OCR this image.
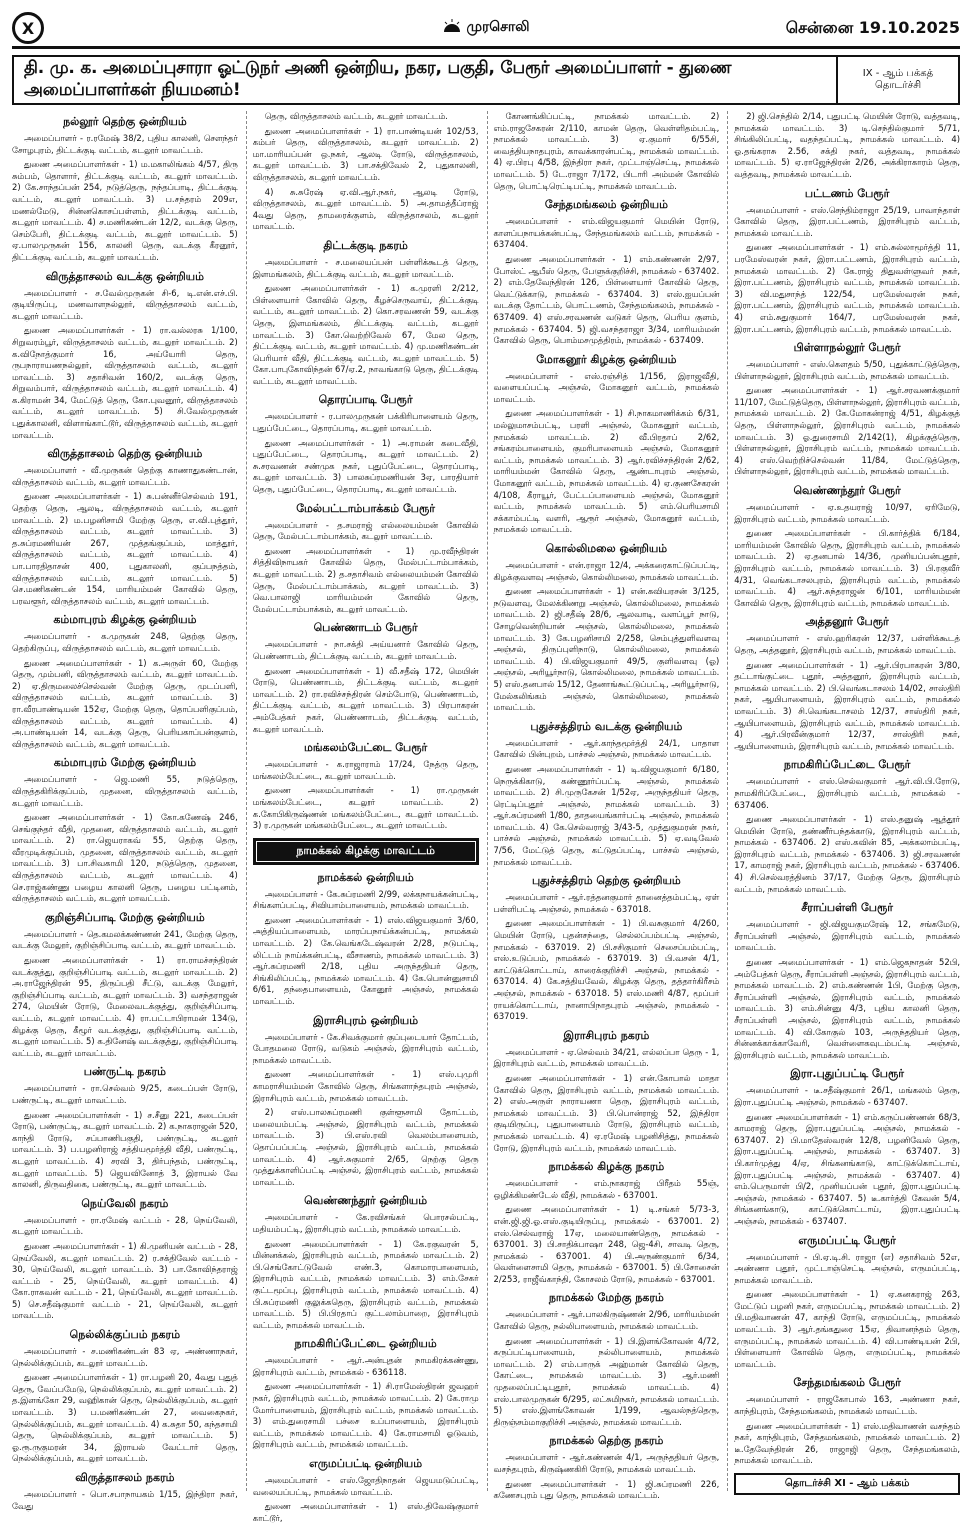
X	முரசொலி	சென்னை 19.10.2025
தி. மு. க. அமைப்புசாரா ஓட்டுநர் அணி ஒன்றிய, நகர, பகுதி, பேரூர் அமைப்பாளர் - துணை அமைப்பாளர்கள் நியமனம்!
IX - ஆம் பக்கத்
தொடர்ச்சி
நல்லூர் தெற்கு ஒன்றியம்

அமைப்பாளர் - ர.ரமேஷ் 38/2, புதிய காலனி, சௌந்தர் சோழபுரம், திட்டக்குடி வட்டம், கடலூர் மாவட்டம்.

துணை அமைப்பாளர்கள் - 1) ம.மகாலிங்கம் 4/57, திரு சும்பம், தொளார், திட்டக்குடி வட்டம், கடலூர் மாவட்டம். 2) கே.சாந்தப்பன் 254, நடுத்தெரு, நந்தப்பாடி, திட்டக்குடி வட்டம், கடலூர் மாவட்டம். 3) ப.சந்தரம் 209எ, மணல்மேடு, சின்னகொசப்பள்ளம், திட்டக்குடி வட்டம், கடலூர் மாவட்டம். 4) ச.மணிகண்டன் 12/2, வடக்கு தெரு, செம்பேரி, திட்டக்குடி வட்டம், கடலூர் மாவட்டம். 5) ஏ.பாலமுருகன் 156, காலனி தெரு, வடக்கு கீரனூர், திட்டக்குடி வட்டம், கடலூர் மாவட்டம்.

விருத்தாசலம் வடக்கு ஒன்றியம்

அமைப்பாளர் - ச.வேல்முருகன் சி-6, டி.என்.எச்.பி. குடியிருப்பு, மணவாளநல்லூர், விருத்தாசலம் வட்டம், கடலூர் மாவட்டம்.

துணை அமைப்பாளர்கள் - 1) ரா.வல்லரசு 1/100, சிறுவரம்பூர், விருத்தாசலம் வட்டம், கடலூர் மாவட்டம். 2) க.விநோத்குமார் 16, அய்யோரி தெரு, ருபநாராயணநல்லூர், விருத்தாசலம் வட்டம், கடலூர் மாவட்டம். 3) சதாசிவன் 160/2, வடக்கு தெரு, சிறுவம்பார், விருத்தாசலம் வட்டம், கடலூர் மாவட்டம். 4) க.கிராமன் 34, மேட்டுத் தெரு, கோ.புவனூர், விருத்தாசலம் வட்டம், கடலூர் மாவட்டம். 5) சி.வேல்முருகன் புதுக்காலனி, விளாங்காட்டூர், விருத்தாசலம் வட்டம், கடலூர் மாவட்டம்.

விருத்தாசலம் தெற்கு ஒன்றியம்

அமைப்பாளர் - வீ.முருகன் தெற்கு காணாதுகண்டான், விருத்தாசலம் வட்டம், கடலூர் மாவட்டம்.

துணை அமைப்பாளர்கள் - 1) சு.பன்னீர்செல்வம் 191, தெற்கு தெரு, ஆலடி, விருத்தாசலம் வட்டம், கடலூர் மாவட்டம். 2) ம.பழனிசாமி மேற்கு தெரு, எ.வி.புத்தூர், விருத்தாசலம் வட்டம், கடலூர் மாவட்டம். 3) த.சுப்ரமணியன் 267, முத்தங்குப்பம், மாத்தூர், விருத்தாசலம் வட்டம், கடலூர் மாவட்டம். 4) பா.பாரதிதாசன் 400, புதுகாலனி, குப்பநத்தம், விருத்தாசலம் வட்டம், கடலூர் மாவட்டம். 5) செ.மணிகண்டன் 154, மாரியம்மன் கோவில் தெரு, பரவளூர், விருத்தாசலம் வட்டம், கடலூர் மாவட்டம்.

கம்மாபுரம் கிழக்கு ஒன்றியம்

அமைப்பாளர் - க.முருகன் 248, தெற்கு தெரு, தெற்கிருப்பு, விருத்தாசலம் வட்டம், கடலூர் மாவட்டம்.

துணை அமைப்பாளர்கள் - 1) க.அருள் 60, மேற்கு தெரு, மும்பனி, விருத்தாசலம் வட்டம், கடலூர் மாவட்டம். 2) ஏ.திருமலைச்செல்வன் மேற்கு தெரு, முடப்பளி, விருத்தாசலம் வட்டம், கடலூர் மாவட்டம். 3) ரா.வீரபாண்டியன் 152ஏ, மேற்கு தெரு, தொப்பளிகுப்பம், விருத்தாசலம் வட்டம், கடலூர் மாவட்டம். 4) அ.பாண்டியன் 14, வடக்கு தெரு, பெரியகாப்பன்குளம், விருத்தாசலம் வட்டம், கடலூர் மாவட்டம்.

கம்மாபுரம் மேற்கு ஒன்றியம்

அமைப்பாளர் - ஜெ.மணி 55, நடுத்தெரு, விருத்தகிரிக்குப்பம், முதனை, விருத்தாசலம் வட்டம், கடலூர் மாவட்டம்.

துணை அமைப்பாளர்கள் - 1) கோ.கணேஷ் 246, செங்குந்தர் வீதி, முதனை, விருத்தாசலம் வட்டம், கடலூர் மாவட்டம். 2) ரா.ஜெயராகவ் 55, தெற்கு தெரு, வீரமுடிக்குப்பம், முதனை, விருத்தாசலம் வட்டம், கடலூர் மாவட்டம். 3) பா.சிவகாமி 120, நடுத்தெரு, முதனை, விருத்தாசலம் வட்டம், கடலூர் மாவட்டம். 4) செ.ராஜ்கண்ணு பழைய காலனி தெரு, பழைய பட்டினம், விருத்தாசலம் வட்டம், கடலூர் மாவட்டம்.

குறிஞ்சிப்பாடி மேற்கு ஒன்றியம்

அமைப்பாளர் - தெ.கமலக்கண்ணன் 241, மேற்கு தெரு, வடக்கு மேலூர், குறிஞ்சிப்பாடி வட்டம், கடலூர் மாவட்டம்.

துணை அமைப்பாளர்கள் - 1) ரா.ராமச்சந்திரன் வடக்குத்து, குறிஞ்சிப்பாடி வட்டம், கடலூர் மாவட்டம். 2) அ.ராஜேந்திரன் 95, திருப்பதி சீட்டு, வடக்கு மேலூர், குறிஞ்சிப்பாடி வட்டம், கடலூர் மாவட்டம். 3) வசந்தராஜன் 274, மெயின் ரோடு, மேலைவடக்குத்து, குறிஞ்சிப்பாடி வட்டம், கடலூர் மாவட்டம். 4) ரா.பட்டாபிராமன் 134டு, கிழக்கு தெரு, கீழூர் வடக்குத்து, குறிஞ்சிப்பாடி வட்டம், கடலூர் மாவட்டம். 5) க.தினேஷ் வடக்குத்து, குறிஞ்சிப்பாடி வட்டம், கடலூர் மாவட்டம்.

பண்ருட்டி நகரம்

அமைப்பாளர் - ரா.செல்வம் 9/25, கடைப்பள் ரோடு, பண்ருட்டி, கடலூர் மாவட்டம்.

துணை அமைப்பாளர்கள் - 1) ச.சீனு 221, கடைப்பள் ரோடு, பண்ருட்டி, கடலூர் மாவட்டம். 2) க.நாகராஜன் 520, காந்தி ரோடு, சப்பாணிபகுதி, பண்ருட்டி, கடலூர் மாவட்டம். 3) ப.பழனிராஜ் சத்தியமூர்த்தி வீதி, பண்ருட்டி, கடலூர் மாவட்டம். 4) சரவி 3, திர்பந்தம், பண்ருட்டி, கடலூர் மாவட்டம். 5) ஜெயவினோத் 3, இராயல் வே காலனி, திருவதிகை, பண்ருட்டி, கடலூர் மாவட்டம்.

நெய்வேலி நகரம்

அமைப்பாளர் - ரா.ரமேஷ் வட்டம் - 28, நெய்வேலி, கடலூர் மாவட்டம்.

துணை அமைப்பாளர்கள் - 1) கி.முனியன் வட்டம் - 28, நெய்வேலி, கடலூர் மாவட்டம். 2) ர.சக்திவேல் வட்டம் - 30, நெய்வேலி, கடலூர் மாவட்டம். 3) பா.கோவிந்தராஜ் வட்டம் - 25, நெய்வேலி, கடலூர் மாவட்டம். 4) கோ.ராகவன் வட்டம் - 21, நெய்வேலி, கடலூர் மாவட்டம். 5) செ.சதீஷ்குமார் வட்டம் - 21, நெய்வேலி, கடலூர் மாவட்டம்.

நெல்லிக்குப்பம் நகரம்

அமைப்பாளர் - ச.மணிகண்டன் 83 ஏ, அண்ணாநகர், நெல்லிக்குப்பம், கடலூர் மாவட்டம்.

துணை அமைப்பாளர்கள் - 1) ரா.பழனி 20, 4வது புதுத் தெரு, வேப்பமேடு, நெல்லிக்குப்பம், கடலூர் மாவட்டம். 2) த.இளங்கோ 29, வஹிகான் தெரு, நெல்லிக்குப்பம், கடலூர் மாவட்டம். 3) ப.மணிகண்டன் 27, வைகைநகர், நெல்லிக்குப்பம், கடலூர் மாவட்டம். 4) க.சுதா 50, கந்தசாமி தெரு, நெல்லிக்குப்பம், கடலூர் மாவட்டம். 5) ஓ.ரூ.ருகுமரன் 34, இராயல் வேட்டார் தெரு, நெல்லிக்குப்பம், கடலூர் மாவட்டம்.

விருத்தாசலம் நகரம்

அமைப்பாளர் - பொ.சபாநாயகம் 1/15, இந்திரா நகர், வேது

தெரு, விருத்தாசலம் வட்டம், கடலூர் மாவட்டம்.

துணை அமைப்பாளர்கள் - 1) ரா.பாண்டியன் 102/53, கம்பர் தெரு, விருத்தாசலம், கடலூர் மாவட்டம். 2) மா.மாரியப்பன் ஒ.நகர், ஆலடி ரோடு, விருத்தாசலம், கடலூர் மாவட்டம். 3) பா.சக்திவேல் 2, புதுகாலனி, விருத்தாசலம், கடலூர் மாவட்டம்.

4) சு.சுரேஷ் ஏ.வி.ஆர்.நகர், ஆலடி ரோடு, விருத்தாசலம், கடலூர் மாவட்டம். 5) அ.தாமத்தீப்ராஜ் 4வது தெரு, தாமரைக்குளம், விருத்தாசலம், கடலூர் மாவட்டம்.

திட்டக்குடி நகரம்

அமைப்பாளர் - ச.மலையப்பன் பள்ளிக்கூடத் தெரு, இளமங்கலம், திட்டக்குடி வட்டம், கடலூர் மாவட்டம்.

துணை அமைப்பாளர்கள் - 1) க.முரளி 2/212, பிள்ளையார் கோவில் தெரு, கீழச்செருவாய், திட்டக்குடி வட்டம், கடலூர் மாவட்டம். 2) கொ.சரவணன் 59, வடக்கு தெரு, இளமங்கலம், திட்டக்குடி வட்டம், கடலூர் மாவட்டம். 3) கோ.வெற்றிவேல் 67, மேல தெரு, திட்டக்குடி வட்டம், கடலூர் மாவட்டம். 4) மு.மணிகண்டன் பெரியார் வீதி, திட்டக்குடி வட்டம், கடலூர் மாவட்டம். 5) கோ.பாபுகோவிந்தன் 67/ஏ.2, நாவங்காடு தெரு, திட்டக்குடி வட்டம், கடலூர் மாவட்டம்.

தொரப்பாடி பேரூர்

அமைப்பாளர் - ர.பாலமுருகன் பக்கிரிபாளையம் தெரு, புதுப்பேட்டை, தொரப்பாடி, கடலூர் மாவட்டம்.

துணை அமைப்பாளர்கள் - 1) அ.ராமன் கடைவீதி, புதுப்பேட்டை, தொரப்பாடி, கடலூர் மாவட்டம். 2) சு.சரவணன் சண்முக நகர், புதுப்பேட்டை, தொரப்பாடி, கடலூர் மாவட்டம். 3) பாலசுப்ரமணியன் 3ஏ, பாரதியார் தெரு, புதுப்பேட்டை, தொரப்பாடி, கடலூர் மாவட்டம்.

மேல்பட்டாம்பாக்கம் பேரூர்

அமைப்பாளர் - த.சமராஜ் எல்லையம்மன் கோவில் தெரு, மேல்பட்டாம்பாக்கம், கடலூர் மாவட்டம்.

துணை அமைப்பாளர்கள் - 1) மு.ரவீந்திரன் சித்திவிநாயகர் கோவில் தெரு, மேல்பட்டாம்பாக்கம், கடலூர் மாவட்டம். 2) த.சதாசிவம் எல்லையம்மன் கோவில் தெரு, மேல்பட்டாம்பாக்கம், கடலூர் மாவட்டம். 3) வெ.பாலாஜி மாரியம்மன் கோவில் தெரு, மேல்பட்டாம்பாக்கம், கடலூர் மாவட்டம்.

பெண்ணாடம் பேரூர்

அமைப்பாளர் - நா.சக்தி அய்யனார் கோவில் தெரு, பெண்ணாடம், திட்டக்குடி வட்டம், கடலூர் மாவட்டம்.

துணை அமைப்பாளர்கள் - 1) வீ.சதீஷ் 172, மெயின் ரோடு, பெண்ணாடம், திட்டக்குடி வட்டம், கடலூர் மாவட்டம். 2) ரா.ரவிச்சந்திரன் செம்போடு, பெண்ணாடம், திட்டக்குடி வட்டம், கடலூர் மாவட்டம். 3) பிரபாகரன் அம்பேத்கர் நகர், பெண்ணாடம், திட்டக்குடி வட்டம், கடலூர் மாவட்டம்.

மங்கலம்பேட்டை பேரூர்

அமைப்பாளர் - க.ராஜாராம் 17/24, நேத்ரு தெரு, மங்கலம்பேட்டை, கடலூர் மாவட்டம்.

துணை அமைப்பாளர்கள் - 1) ரா.முருகன் மங்கலம்பேட்டை, கடலூர் மாவட்டம். 2) க.கோபிகிருஷ்ணன் மங்கலம்பேட்டை, கடலூர் மாவட்டம். 3) ர.முருகன் மங்கலம்பேட்டை, கடலூர் மாவட்டம்.

நாமக்கல் கிழக்கு மாவட்டம்
நாமக்கல் ஒன்றியம்

அமைப்பாளர் - கே.சுப்ரமணி 2/99, லக்கநாயக்கன்பட்டி, சிங்களப்பட்டி, சிவியாம்பாளையம், நாமக்கல் மாவட்டம்.

துணை அமைப்பாளர்கள் - 1) எஸ்.விஜயகுமார் 3/60, அத்தியப்பாளையம், மாரப்பநாய்க்கன்பட்டி, நாமக்கல் மாவட்டம். 2) கே.வெங்கடேஷ்வரன் 2/28, நடுபட்டி, லிட்டம் நாய்க்கன்பட்டி, வீசாணம், நாமக்கல் மாவட்டம். 3) ஆர்.சுப்ரமணி 2/18, புதிய அருந்ததியர் தெரு, சிங்கிலிப்பட்டி, நாமக்கல் மாவட்டம். 4) கே.பொன்னுசாமி 6/61, தந்தைபாளையம், கோனூர் அஞ்சல், நாமக்கல் மாவட்டம்.

இராசிபுரம் ஒன்றியம்

அமைப்பாளர் - கே.சிவக்குமார் குப்புடையார் தோட்டம், போதமலை ரோடு, வடுகம் அஞ்சல், இராசிபுரம் வட்டம், நாமக்கல் மாவட்டம்.

துணை அமைப்பாளர்கள் - 1) எஸ்.புமுரி காமராசியம்மன் கோவில் தெரு, சிங்களாந்தபுரம் அஞ்சல், இராசிபுரம் வட்டம், நாமக்கல் மாவட்டம்.

2) எஸ்.பாலசுப்ரமணி குள்ளூசாமி தோட்டம், மலையம்பட்டி அஞ்சல், இராசிபுரம் வட்டம், நாமக்கல் மாவட்டம். 3) பி.எஸ்.ரவி வெலம்பாளையம், தொப்பப்பட்டி அஞ்சல், இராசிபுரம் வட்டம், நாமக்கல் மாவட்டம். 4) ஆர்.சுகுமார் 2/65, நெற்கு தெரு முத்துக்காளிப்பட்டி அஞ்சல், இராசிபுரம் வட்டம், நாமக்கல் மாவட்டம்.

வெண்ணந்தூர் ஒன்றியம்

அமைப்பாளர் - கே.ரவிசங்கர் பொரசல்பட்டி, மதியம்பட்டி, இராசிபுரம் வட்டம், நாமக்கல் மாவட்டம்.

துணை அமைப்பாளர்கள் - 1) கே.ரகுவரன் 5, மின்னக்கல், இராசிபுரம் வட்டம், நாமக்கல் மாவட்டம். 2) பி.செங்கோட்டுவேல் எண்.3, கொமாரபாளையம், இராசிபுரம் வட்டம், நாமக்கல் மாவட்டம். 3) எம்.சேகர் குட்டமூப்பு, இராசிபுரம் வட்டம், நாமக்கல் மாவட்டம். 4) பி.சுப்ரமணி குலுக்கதெரு, இராசிபுரம் வட்டம், நாமக்கல் மாவட்டம். 5) பி.பிரதாப் குட்டலாம்பாறை, இராசிபுரம் வட்டம், நாமக்கல் மாவட்டம்.

நாமகிரிப்பேட்டை ஒன்றியம்

அமைப்பாளர் - ஆர்.அன்புதன் நாமகிரக்கண்ணு, இராசிபுரம் வட்டம், நாமக்கல் - 636118.

துணை அமைப்பாளர்கள் - 1) சி.ராமேஸ்திரன் ஜவஹர் நகர், இராசிபுரம் வட்டம், நாமக்கல் மாவட்டம். 2) கே.ராமு மோர்பாளையம், இராசிபுரம் வட்டம், நாமக்கல் மாவட்டம். 3) எம்.துரைசாமி பச்சை உப்பாளையம், இராசிபுரம் வட்டம், நாமக்கல் மாவட்டம். 4) கே.ராமசாமி ஓடுவம், இராசிபுரம் வட்டம், நாமக்கல் மாவட்டம்.

எருமப்பட்டி ஒன்றியம்

அமைப்பாளர் - எஸ்.ஜோதிநாதன் ஜெயமடுப்பட்டி, வலையப்பட்டி, நாமக்கல் மாவட்டம்.

துணை அமைப்பாளர்கள் - 1) எஸ்.திவேஷ்குமார் காட்டூர்,

கோணங்கிப்பட்டி, நாமக்கல் மாவட்டம். 2) எம்.ராஜசேகரன் 2/110, காமன் தெரு, வெள்ளிதம்பட்டி, நாமக்கல் மாவட்டம். 3) ஏ.குமார் 6/55சி, வைத்தியநாதபுரம், காவக்காரன்பட்டி, நாமக்கல் மாவட்டம். 4) ஏ.பிரபு 4/58, இந்திரா நகர், முட்டாஞ்செட்டி, நாமக்கல் மாவட்டம். 5) டே.ராஜா 7/172, பிடாரி அம்மன் கோவில் தெரு, பொட்டிரெட்டிபட்டி, நாமக்கல் மாவட்டம்.

சேந்தமங்கலம் ஒன்றியம்

அமைப்பாளர் - எம்.விஜயகுமார் மெயின் ரோடு, காளப்பநாயக்கன்பட்டி, சேந்தமங்கலம் வட்டம், நாமக்கல் - 637404.

துணை அமைப்பாளர்கள் - 1) எம்.கண்ணன் 2/97, போஸ்ட் ஆபீஸ் தெரு, பேளுக்குறிச்சி, நாமக்கல் - 637402. 2) எம்.தேவேந்திரன் 126, பிள்ளையார் கோவில் தெரு, வெட்டுக்காடு, நாமக்கல் - 637404. 3) எஸ்.ஐயப்பன் வடக்கு தோட்டம், பொட்டணம், சேந்தமங்கலம், நாமக்கல் - 637409. 4) எஸ்.சரவணன் வடுகர் தெரு, பெரிய குளம், நாமக்கல் - 637404. 5) ஜி.வசந்தராஜா 3/34, மாரியம்மன் கோவில் தெரு, பொம்மசமுத்திரம், நாமக்கல் - 637409.

மோகனூர் கிழக்கு ஒன்றியம்

அமைப்பாளர் - எஸ்.ரஞ்சித் 1/156, இராஜவீதி, வளையப்பட்டி அஞ்சல், மோகனூர் வட்டம், நாமக்கல் மாவட்டம்.

துணை அமைப்பாளர்கள் - 1) சி.நாகமாணிக்கம் 6/31, மல்லுமாசம்பட்டி, பரளி அஞ்சல், மோகனூர் வட்டம், நாமக்கல் மாவட்டம். 2) வீ.பிரதாப் 2/62, சங்கரம்பாளையம், குமரிபாளையம் அஞ்சல், மோகனூர் வட்டம், நாமக்கல் மாவட்டம். 3) ஆர்.ரவிச்சந்திரன் 2/62, மாரியம்மன் கோவில் தெரு, ஆண்டாபுரம் அஞ்சல், மோகனூர் வட்டம், நாமக்கல் மாவட்டம். 4) ஏ.குணசேகரன் 4/108, கீராயூர், பேட்டப்பாளையம் அஞ்சல், மோகனூர் வட்டம், நாமக்கல் மாவட்டம். 5) எம்.பெரியசாமி சக்காம்பட்டி வளரி, ஆரூர் அஞ்சல், மோகனூர் வட்டம், நாமக்கல் மாவட்டம்.

கொல்லிமலை ஒன்றியம்

அமைப்பாளர் - என்.ராஜா 12/4, அக்கரைகாட்டுப்பட்டி, கிழக்குவளவு அஞ்சல், கொல்லிமலை, நாமக்கல் மாவட்டம்.

துணை அமைப்பாளர்கள் - 1) என்.கவியரசன் 3/125, நடுவளவு, மேலக்கிணறு அஞ்சல், கொல்லிமலை, நாமக்கல் மாவட்டம். 2) ஜி.சதீஷ் 28/6, ஆலவாடி, வளப்பூர் நாடு, சோழவென்றியான் அஞ்சல், கொல்லிமலை, நாமக்கல் மாவட்டம். 3) கே.பழனிசாமி 2/258, செம்புத்துளிவளவு அஞ்சல், திருப்புளிநாடு, கொல்லிமலை, நாமக்கல் மாவட்டம். 4) பி.விஜயகுமார் 49/5, குளிவளவு (ஓ) அஞ்சல், அரியூர்நாடு, கொல்லிமலை, நாமக்கல் மாவட்டம். 5) எஸ்.தனபால் 15/12, தேனாங்கூட்டுப்பட்டி, அரியூர்நாடு, மேல்கலிங்கம் அஞ்சல், கொல்லிமலை, நாமக்கல் மாவட்டம்.

புதுச்சத்திரம் வடக்கு ஒன்றியம்

அமைப்பாளர் - ஆர்.காந்தமூர்த்தி 24/1, பாதாள கோவில் பின்புறம், பாச்சல் அஞ்சல், நாமக்கல் மாவட்டம்.

துணை அமைப்பாளர்கள் - 1) டி.விஜயகுமார் 6/180, நெருக்கிகாடு, கண்ணூர்ப்பட்டி அஞ்சல், நாமக்கல் மாவட்டம். 2) சி.முருகேசன் 1/52ஏ, அருந்ததியர் தெரு, ரெட்டிப்புதூர் அஞ்சல், நாமக்கல் மாவட்டம். 3) ஆர்.சுப்ரமணி 1/80, தாதயைங்கார்பட்டி அஞ்சல், நாமக்கல் மாவட்டம். 4) கே.செல்வராஜ் 3/43-5, முத்துகுமரன் நகர், பாச்சல் அஞ்சல், நாமக்கல் மாவட்டம். 5) ஏ.வடிவேல் 7/56, மேட்டுத் தெரு, கட்டுதப்பட்டி, பாச்சல் அஞ்சல், நாமக்கல் மாவட்டம்.

புதுச்சத்திரம் தெற்கு ஒன்றியம்

அமைப்பாளர் - ஆர்.ரத்தனகுமார் தானைத்தம்பட்டி, ஏள் பள்ளிபட்டி அஞ்சல், நாமக்கல் - 637018.

துணை அமைப்பாளர்கள் - 1) பி.வசுகுமார் 4/260, மெயின் ரோடு, புதன்சந்தை, செல்லப்பம்பட்டி அஞ்சல், நாமக்கல் - 637019. 2) பி.சசிகுமார் செசைப்பம்பட்டி, எஸ்.உடுப்பம், நாமக்கல் - 637019. 3) பி.வசன் 4/1, காட்டுக்கொட்டாய், காரைக்குறிச்சி அஞ்சல், நாமக்கல் - 637014. 4) கே.சத்தியவேல், கிழக்கு தெரு, தத்தார்கிரீசம் அஞ்சல், நாமக்கல் - 637018. 5) எஸ்.மணி 4/87, மூப்பர் ராயக்கொட்டாய், நானாபிநாதபுரம் அஞ்சல், நாமக்கல் - 637019.

இராசிபுரம் நகரம்

அமைப்பாளர் - ஏ.செல்வம் 34/21, எல்லப்பா தெரு - 1, இராசிபுரம் வட்டம், நாமக்கல் மாவட்டம்.

துணை அமைப்பாளர்கள் - 1) என்.கோபால் மாதா கோவில் தெரு, இராசிபுரம் வட்டம், நாமக்கல் மாவட்டம். 2) எஸ்.அருள் நாராயணா தெரு, இராசிபுரம் வட்டம், நாமக்கல் மாவட்டம். 3) பி.பொன்ராஜ் 52, இந்திரா குடியிருப்பு, புதுபாளையம் ரோடு, இராசிபுரம் வட்டம், நாமக்கல் மாவட்டம். 4) ஏ.ரமேஷ் பழனிசித்து, நாமக்கல் ரோடு, இராசிபுரம் வட்டம், நாமக்கல் மாவட்டம்.

நாமக்கல் கிழக்கு நகரம்

அமைப்பாளர் - எம்.நாகராஜ் பிரீதம் 55ஞ், ஒழிக்கிமண்டேல் வீதி, நாமக்கல் - 637001.

துணை அமைப்பாளர்கள் - 1) டி.சங்கர் 5/73-3, என்.ஜி.ஜி.ஓ.எஸ்.குடியிருப்பு, நாமக்கல் - 637001. 2) எஸ்.செல்வராஜ் 17ஏ, மலையாண்தெரு, நாமக்கல் - 637001. 3) பி.சாதிக்பாஷா 248, ஜெ-4சி, சாவடி தெரு, நாமக்கல் - 637001. 4) பி.அருண்குமார் 6/34, வெள்ளைசாமி தெரு, நாமக்கல் - 637001. 5) பி.சோசைன் 2/253, ராஜீவ்காந்தி, கோசலம் ரோடு, நாமக்கல் - 637001.

நாமக்கல் மேற்கு நகரம்

அமைப்பாளர் - ஆர்.பாலகிருஷ்ணன் 2/96, மாரியம்மன் கோவில் தெரு, நல்லிபாளையம், நாமக்கல் மாவட்டம்.

துணை அமைப்பாளர்கள் - 1) பி.இளங்கோவன் 4/72, கருப்பட்டிபாளையம், நல்லிபாளையம், நாமக்கல் மாவட்டம். 2) எம்.பாருக் அஹ்மான் கோவில் தெரு, கோட்டை, நாமக்கல் மாவட்டம். 3) ஆர்.மணி முதலைப்பட்டிபுதூர், நாமக்கல் மாவட்டம். 4) எஸ்.பாலமுருகன் 6/295, லட்சுமிநகர், நாமக்கல் மாவட்டம். 5) எஸ்.இளங்கோவன் 1/199, ஆவல்நத்தெரு, திருஞ்சம்மாகுறிச்சி அஞ்சல், நாமக்கல் மாவட்டம்.

நாமக்கல் தெற்கு நகரம்

அமைப்பாளர் - ஆர்.கண்ணன் 4/1, அருந்ததியர் தெரு, வசந்தபுரம், கிருஷ்ணகிரி ரோடு, நாமக்கல் மாவட்டம்.

துணை அமைப்பாளர்கள் - 1) ஜி.சுப்ரமணி 226, கணேசபுரம் புது தெரு, நாமக்கல் மாவட்டம்.

2) ஜி.செந்தில் 2/14, புதுபட்டி மெயின் ரோடு, வத்தவடி, நாமக்கல் மாவட்டம். 3) டி.செந்தில்குமார் 5/71, சிங்கிலிப்பட்டி, வதந்தப்பட்டி, நாமக்கல் மாவட்டம். 4) ஓ.தங்கராசு 2.56, சக்தி நகர், வத்தவடி, நாமக்கல் மாவட்டம். 5) ஏ.ராஜேந்திரன் 2/26, அக்கிராகாரம் தெரு, வத்தவடி, நாமக்கல் மாவட்டம்.

பட்டணம் பேரூர்

அமைப்பாளர் - எஸ்.செந்திம்ராஜா 25/19, பாவாந்தாள் கோவில் தெரு, இரா.பட்டணம், இராசிபுரம் வட்டம், நாமக்கல் மாவட்டம்.

துணை அமைப்பாளர்கள் - 1) எம்.சுல்லாமூர்த்தி 11, பரமேஸ்வரன் நகர், இரா.பட்டணம், இராசிபுரம் வட்டம், நாமக்கல் மாவட்டம். 2) கே.ராஜ் திதுவள்ளுவர் நகர், இரா.பட்டணம், இராசிபுரம் வட்டம், நாமக்கல் மாவட்டம். 3) வி.மதுசாந்த் 122/54, பரமேஸ்வரன் நகர், இரா.பட்டணம், இராசிபுரம் வட்டம், நாமக்கல் மாவட்டம். 4) எம்.சுதுகுமார் 164/7, பரமேஸ்வரன் நகர், இரா.பட்டணம், இராசிபுரம் வட்டம், நாமக்கல் மாவட்டம்.

பிள்ளாநல்லூர் பேரூர்

அமைப்பாளர் - எஸ்.கௌதம் 5/50, புதுக்காட்டுத்தெரு, பிள்ளாநல்லூர், இராசிபுரம் வட்டம், நாமக்கல் மாவட்டம்.

துணை அமைப்பாளர்கள் - 1) ஆர்.சரவணக்குமார் 11/107, மேட்டுத்தெரு, பிள்ளாநல்லூர், இராசிபுரம் வட்டம், நாமக்கல் மாவட்டம். 2) கே.மோகன்ராஜ் 4/51, கிழக்குத் தெரு, பிள்ளாநல்லூர், இராசிபுரம் வட்டம், நாமக்கல் மாவட்டம். 3) ஓ.துரைசாமி 2/142(1), கிழக்குத்தெரு, பிள்ளாநல்லூர், இராசிபுரம் வட்டம், நாமக்கல் மாவட்டம். 4) எஸ்.வெற்றிச்செல்வன் 11/84, மேட்டுத்தெரு, பிள்ளாநல்லூர், இராசிபுரம் வட்டம், நாமக்கல் மாவட்டம்.

வெண்ணந்தூர் பேரூர்

அமைப்பாளர் - ஏ.உதயராஜ் 10/97, ஏரிமேடு, இராசிபுரம் வட்டம், நாமக்கல் மாவட்டம்.

துணை அமைப்பாளர்கள் - பி.கார்த்திக் 6/184, மாரியம்மன் கோவில் தெரு, இராசிபுரம் வட்டம், நாமக்கல் மாவட்டம். 2) ஏ.தனபால் 14/36, முனியப்பன்புதூர், இராசிபுரம் வட்டம், நாமக்கல் மாவட்டம். 3) பி.ரகுவீர் 4/31, வெங்கடாசலபுரம், இராசிபுரம் வட்டம், நாமக்கல் மாவட்டம். 4) ஆர்.சுந்தராஜன் 6/101, மாரியம்மன் கோவில் தெரு, இராசிபுரம் வட்டம், நாமக்கல் மாவட்டம்.

அத்தனூர் பேரூர்

அமைப்பாளர் - எஸ்.ஹரிகரன் 12/37, பள்ளிக்கூடத் தெரு, அத்தனூர், இராசிபுரம் வட்டம், நாமக்கல் மாவட்டம்.

துணை அமைப்பாளர்கள் - 1) ஆர்.பிரபாகரன் 3/80, தட்டாங்குட்டை புதூர், அத்தனூர், இராசிபுரம் வட்டம், நாமக்கல் மாவட்டம். 2) பி.வெங்கடாசலம் 14/02, சாஸ்திரி நகர், ஆயிபாளையம், இராசிபுரம் வட்டம், நாமக்கல் மாவட்டம். 3) சி.வெங்கடாசலம் 12/37, சாஸ்திரி நகர், ஆயிபாளையம், இராசிபுரம் வட்டம், நாமக்கல் மாவட்டம். 4) ஆர்.பிரவீன்குமார் 12/37, சாஸ்திரி நகர், ஆயிபாளையம், இராசிபுரம் வட்டம், நாமக்கல் மாவட்டம்.

நாமகிரிப்பேட்டை பேரூர்

அமைப்பாளர் - எஸ்.செல்வகுமார் ஆர்.வி.பி.ரோடு, நாமகிரிப்பேட்டை, இராசிபுரம் வட்டம், நாமக்கல் - 637406.

துணை அமைப்பாளர்கள் - 1) எஸ்.தனுஷ் ஆத்தூர் மெயின் ரோடு, தண்ணீர்பந்தக்காடு, இராசிபுரம் வட்டம், நாமக்கல் - 637406. 2) எஸ்.கவின் 85, அக்கலாம்பட்டி, இராசிபுரம் வட்டம், நாமக்கல் - 637406. 3) ஜி.சரவணன் 17, காமராஜ் நகர், இராசிபுரம் வட்டம், நாமக்கல் - 637406. 4) சி.செல்வரத்தினம் 37/17, மேற்கு தெரு, இராசிபுரம் வட்டம், நாமக்கல் மாவட்டம்.

சீராப்பள்ளி பேரூர்

அமைப்பாளர் - ஜி.விஜயகுமரேஷ் 12, சங்கமேடு, சீராப்பள்ளி அஞ்சல், இராசிபுரம் வட்டம், நாமக்கல் மாவட்டம்.

துணை அமைப்பாளர்கள் - 1) எம்.ஜெகநாதன் 52பி, அம்பேத்கர் தெரு, சீராப்பள்ளி அஞ்சல், இராசிபுரம் வட்டம், நாமக்கல் மாவட்டம். 2) எம்.கண்ணன் 1பி, மேற்கு தெரு, சீராப்பள்ளி அஞ்சல், இராசிபுரம் வட்டம், நாமக்கல் மாவட்டம். 3) எம்.சின்னு 4/3, புதிய காலனி தெரு, சீராப்பள்ளி அஞ்சல், இராசிபுரம் வட்டம், நாமக்கல் மாவட்டம். 4) வி.கோகுல் 103, அருந்ததியர் தெரு, சின்னக்காக்காவேரி, வெள்ளைகவுடம்பட்டி அஞ்சல், இராசிபுரம் வட்டம், நாமக்கல் மாவட்டம்.

இரா.புதுப்பட்டி பேரூர்

அமைப்பாளர் - டீ.சதீஷ்குமார் 26/1, மங்கலம் தெரு, இரா.புதுப்பட்டி அஞ்சல், நாமக்கல் - 637407.

துணை அமைப்பாளர்கள் - 1) எம்.கருப்பண்ணன் 68/3, காமராஜ் தெரு, இரா.புதுப்பட்டி அஞ்சல், நாமக்கல் - 637407. 2) பி.மாதேஸ்வரன் 12/8, பழனிவேல் தெரு, இரா.புதுப்பட்டி அஞ்சல், நாமக்கல் - 637407. 3) பி.கார்முத்து 4/ஏ, சிங்கனங்காடு, காட்டுக்கொட்டாய், இரா.புதுப்பட்டி அஞ்சல், நாமக்கல் - 637407. 4) எம்.பெருமாள் பி/2, முனியப்பன் புதூர், இரா.புதுப்பட்டி அஞ்சல், நாமக்கல் - 637407. 5) டீ.கார்த்தி கேவன் 5/4, சிங்கனங்காடு, காட்டுக்கொட்டாய், இரா.புதுப்பட்டி அஞ்சல், நாமக்கல் - 637407.

எருமப்பட்டி பேரூர்

அமைப்பாளர் - பி.ஏ.டி.சி. ராஜா (எ) சதாசிவம் 52எ, அண்ணா புதூர், முட்டாஞ்செட்டி அஞ்சல், எருமப்பட்டி, நாமக்கல் மாவட்டம்.

துணை அமைப்பாளர்கள் - 1) ஏ.கனகராஜ் 263, மேட்டுப் பழனி நகர், எருமப்பட்டி, நாமக்கல் மாவட்டம். 2) பி.மதிவாணன் 47, காந்தி ரோடு, எருமப்பட்டி, நாமக்கல் மாவட்டம். 3) ஆர்.தங்கதுரை 15ஏ, திவானந்தம் தெரு, எருமப்பட்டி, நாமக்கல் மாவட்டம். 4) வி.பாண்டியன் 2பி, பிள்ளையார் கோவில் தெரு, எருமப்பட்டி, நாமக்கல் மாவட்டம்.

சேந்தமங்கலம் பேரூர்

அமைப்பாளர் - ராஜகோபால் 163, அண்ணா நகர், காந்திபுரம், சேந்தமங்கலம், நாமக்கல் மாவட்டம்.

துணை அமைப்பாளர்கள் - 1) எஸ்.மதிவாணன் வசந்தம் நகர், காந்திபுரம், சேந்தமங்கலம், நாமக்கல் மாவட்டம். 2) டீ.தேவேந்திரன் 26, ராஜாஜி தெரு, சேந்தமங்கலம், நாமக்கல் மாவட்டம்.

தொடர்ச்சி XI - ஆம் பக்கம்
